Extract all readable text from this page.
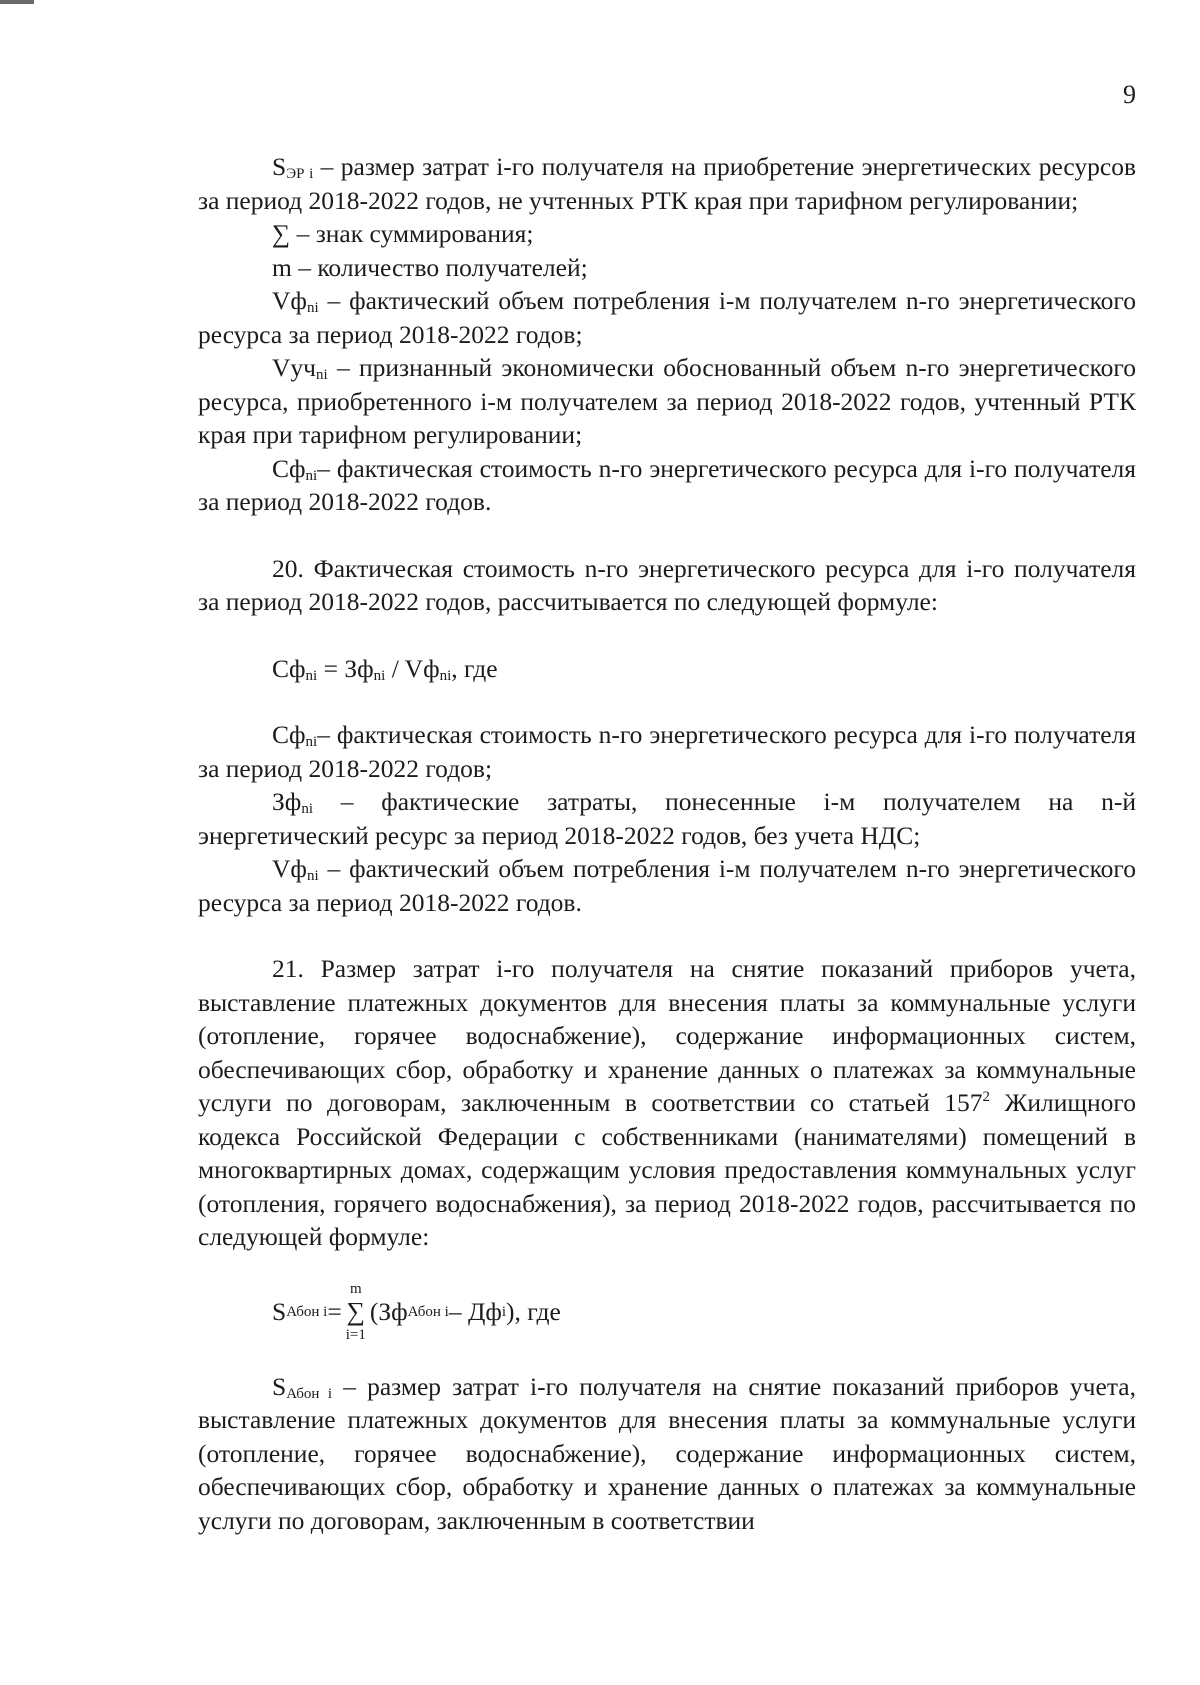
9

$S_{ЭР i}$ – размер затрат i-го получателя на приобретение энергетических ресурсов за период 2018-2022 годов, не учтенных РТК края при тарифном регулировании;

∑ – знак суммирования;

m – количество получателей;

$Vф_{ni}$ – фактический объем потребления i-м получателем n-го энергетического ресурса за период 2018-2022 годов;

Vуч$_{ni}$ – признанный экономически обоснованный объем n-го энергетического ресурса, приобретенного i-м получателем за период 2018-2022 годов, учтенный РТК края при тарифном регулировании;

$Сф_{ni}-$ фактическая стоимость n-го энергетического ресурса для i-го получателя за период 2018-2022 годов.

20. Фактическая стоимость n-го энергетического ресурса для i-го получателя за период 2018-2022 годов, рассчитывается по следующей формуле:

$Сф_{ni} = Зф_{ni} / Vф_{ni}$, где

$Сф_{ni}-$ фактическая стоимость n-го энергетического ресурса для i-го получателя за период 2018-2022 годов;

$Зф_{ni}$ – фактические затраты, понесенные i-м получателем на n-й энергетический ресурс за период 2018-2022 годов, без учета НДС;

$Vф_{ni}$ – фактический объем потребления i-м получателем n-го энергетического ресурса за период 2018-2022 годов.

21. Размер затрат i-го получателя на снятие показаний приборов учета, выставление платежных документов для внесения платы за коммунальные услуги (отопление, горячее водоснабжение), содержание информационных систем, обеспечивающих сбор, обработку и хранение данных о платежах за коммунальные услуги по договорам, заключенным в соответствии со статьей $157^2$ Жилищного кодекса Российской Федерации с собственниками (нанимателями) помещений в многоквартирных домах, содержащим условия предоставления коммунальных услуг (отопления, горячего водоснабжения), за период 2018-2022 годов, рассчитывается по следующей формуле:

S Абон i =
m
∑
i=1
(Зф Абон i – Дф i ), где

$S_{Абон i}$ – размер затрат i-го получателя на снятие показаний приборов учета, выставление платежных документов для внесения платы за коммунальные услуги (отопление, горячее водоснабжение), содержание информационных систем, обеспечивающих сбор, обработку и хранение данных о платежах за коммунальные услуги по договорам, заключенным в соответствии
